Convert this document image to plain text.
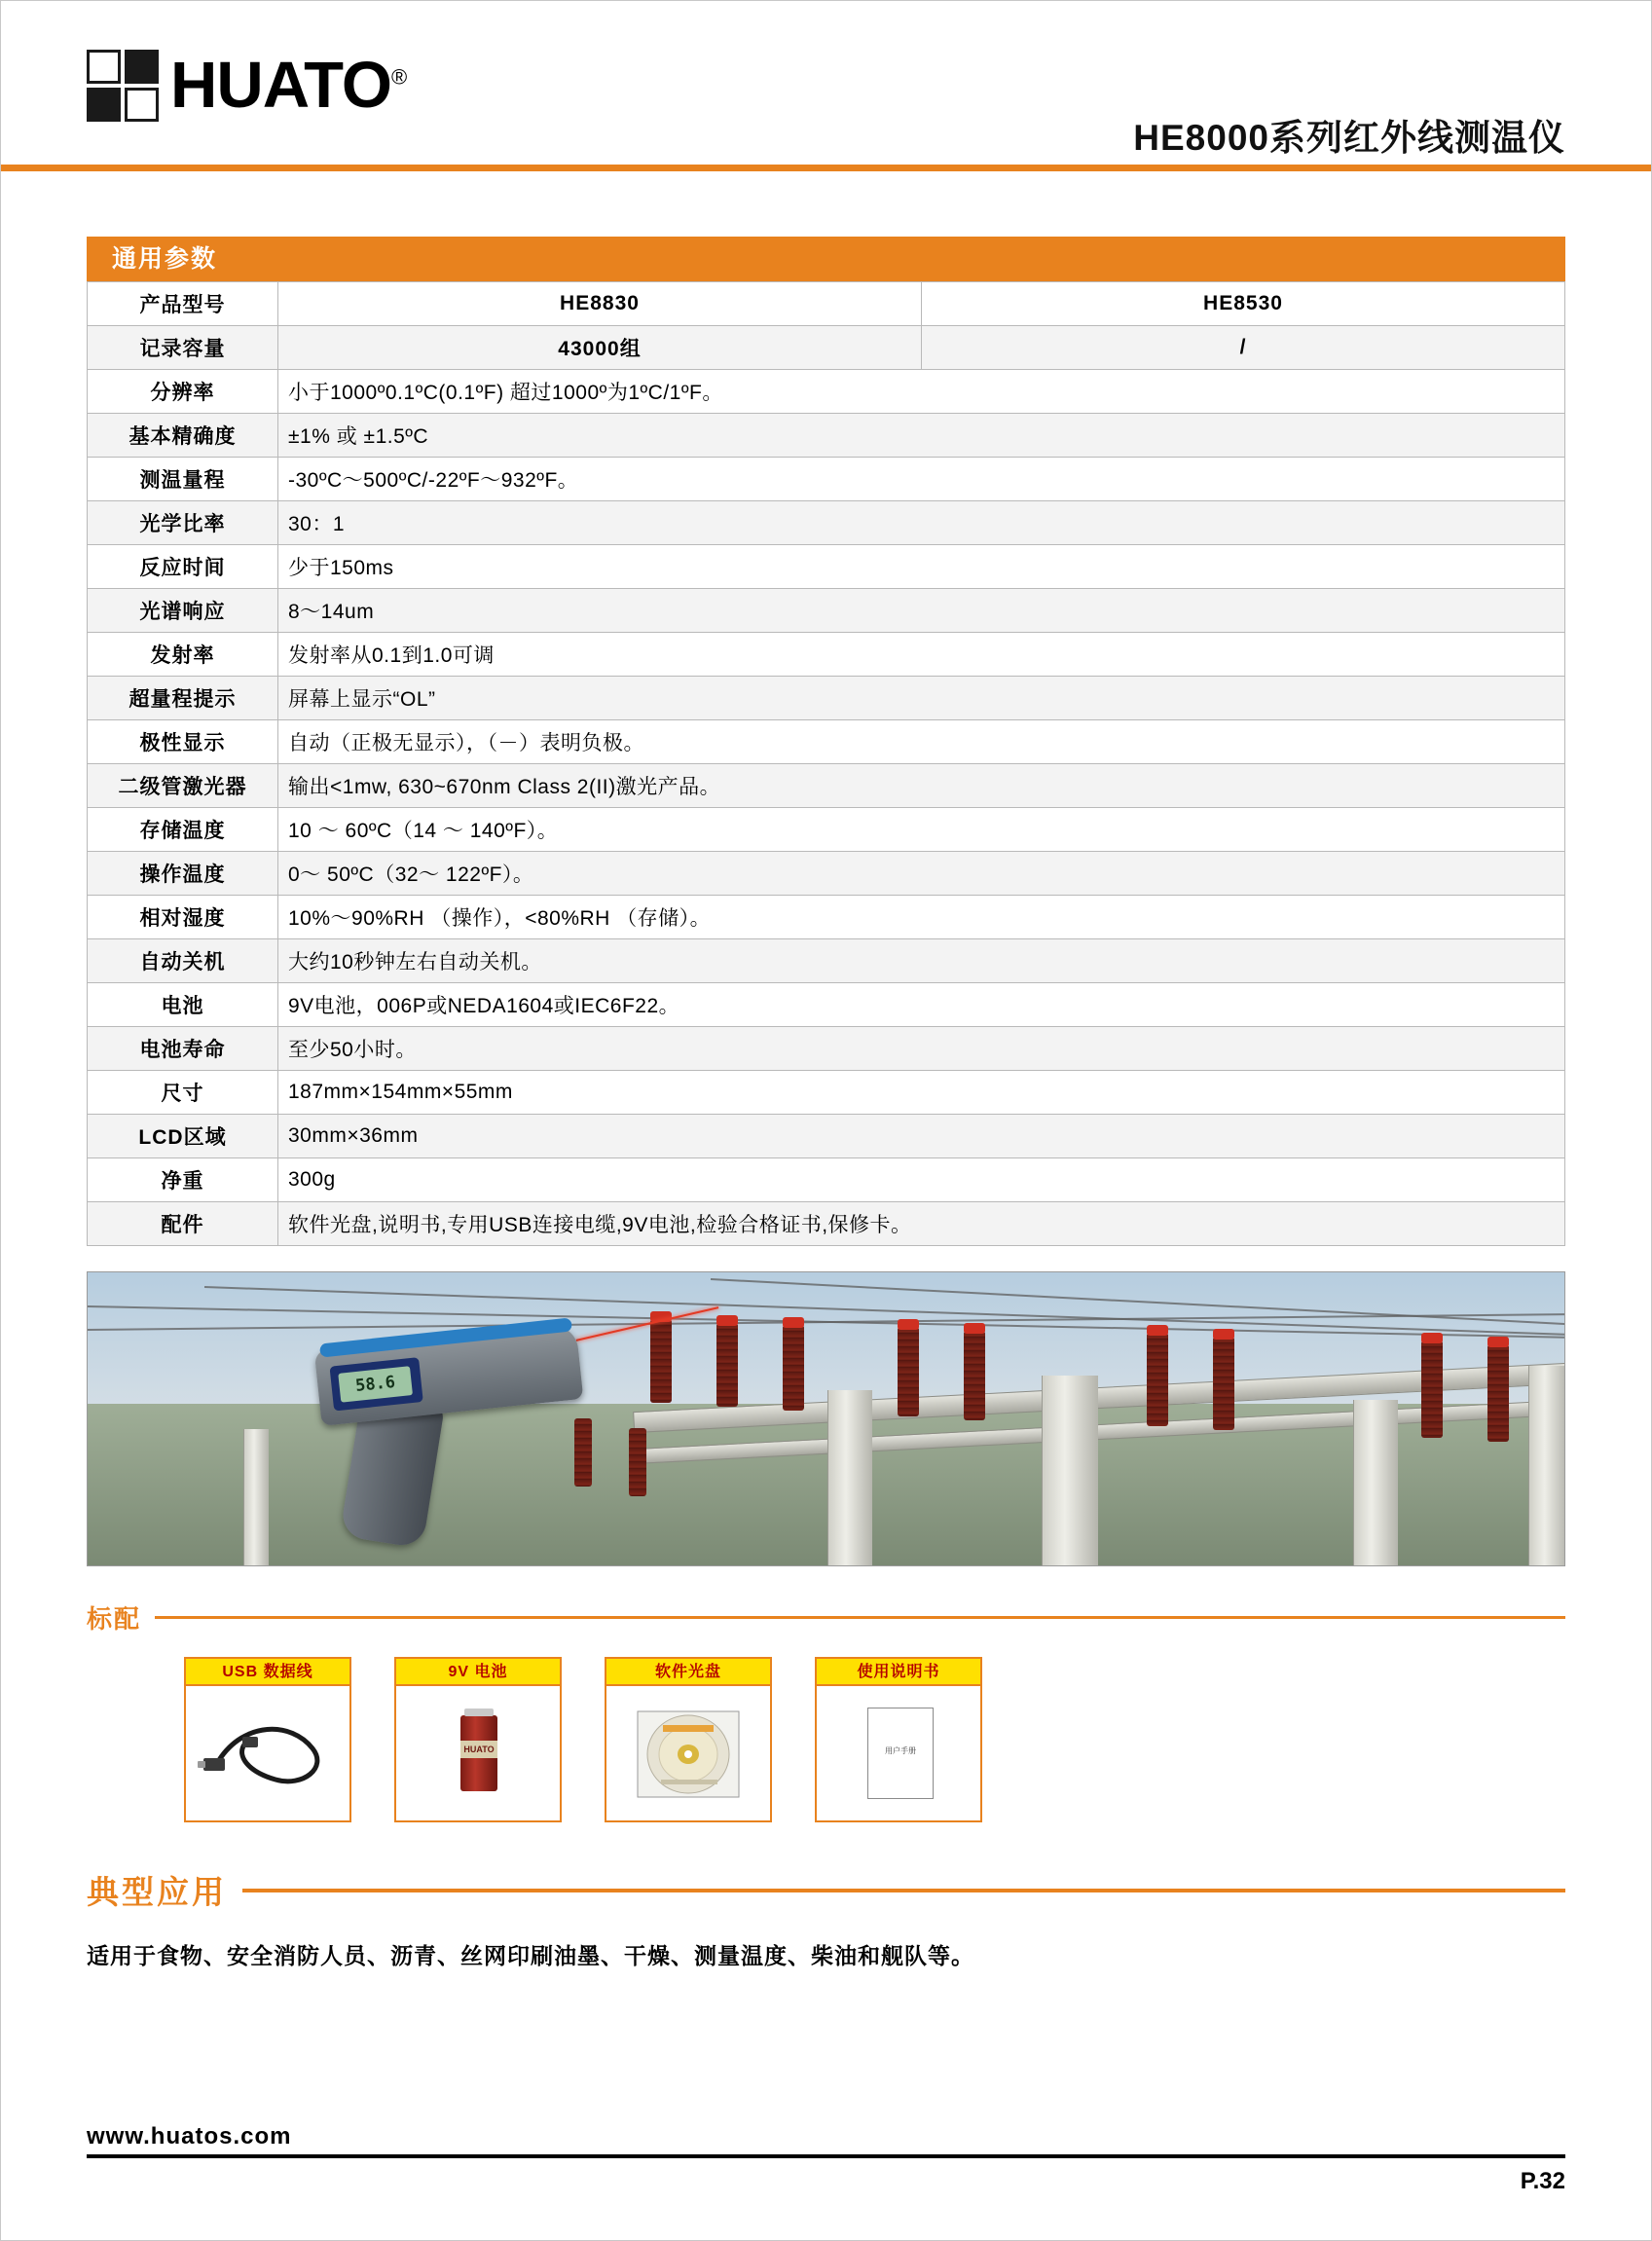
HUATO®
HE8000系列红外线测温仪
通用参数
产品型号	HE8830	HE8530
记录容量	43000组	/
分辨率	小于1000º0.1ºC(0.1ºF) 超过1000º为1ºC/1ºF。	
基本精确度	±1% 或 ±1.5ºC	
测温量程	-30ºC～500ºC/-22ºF～932ºF。	
光学比率	30：1	
反应时间	少于150ms	
光谱响应	8～14um	
发射率	发射率从0.1到1.0可调	
超量程提示	屏幕上显示“OL”	
极性显示	自动（正极无显示），（－）表明负极。	
二级管激光器	输出<1mw, 630~670nm Class 2(II)激光产品。	
存储温度	10 ～ 60ºC（14 ～ 140ºF）。	
操作温度	0～ 50ºC（32～ 122ºF）。	
相对湿度	10%～90%RH （操作），<80%RH （存储）。	
自动关机	大约10秒钟左右自动关机。	
电池	9V电池，006P或NEDA1604或IEC6F22。	
电池寿命	至少50小时。	
尺寸	187mm×154mm×55mm	
LCD区域	30mm×36mm	
净重	300g	
配件	软件光盘,说明书,专用USB连接电缆,9V电池,检验合格证书,保修卡。	
58.6
标配
USB 数据线	9V 电池
HUATO
软件光盘	使用说明书
用户手册
典型应用
适用于食物、安全消防人员、沥青、丝网印刷油墨、干燥、测量温度、柴油和舰队等。
www.huatos.com
P.32
